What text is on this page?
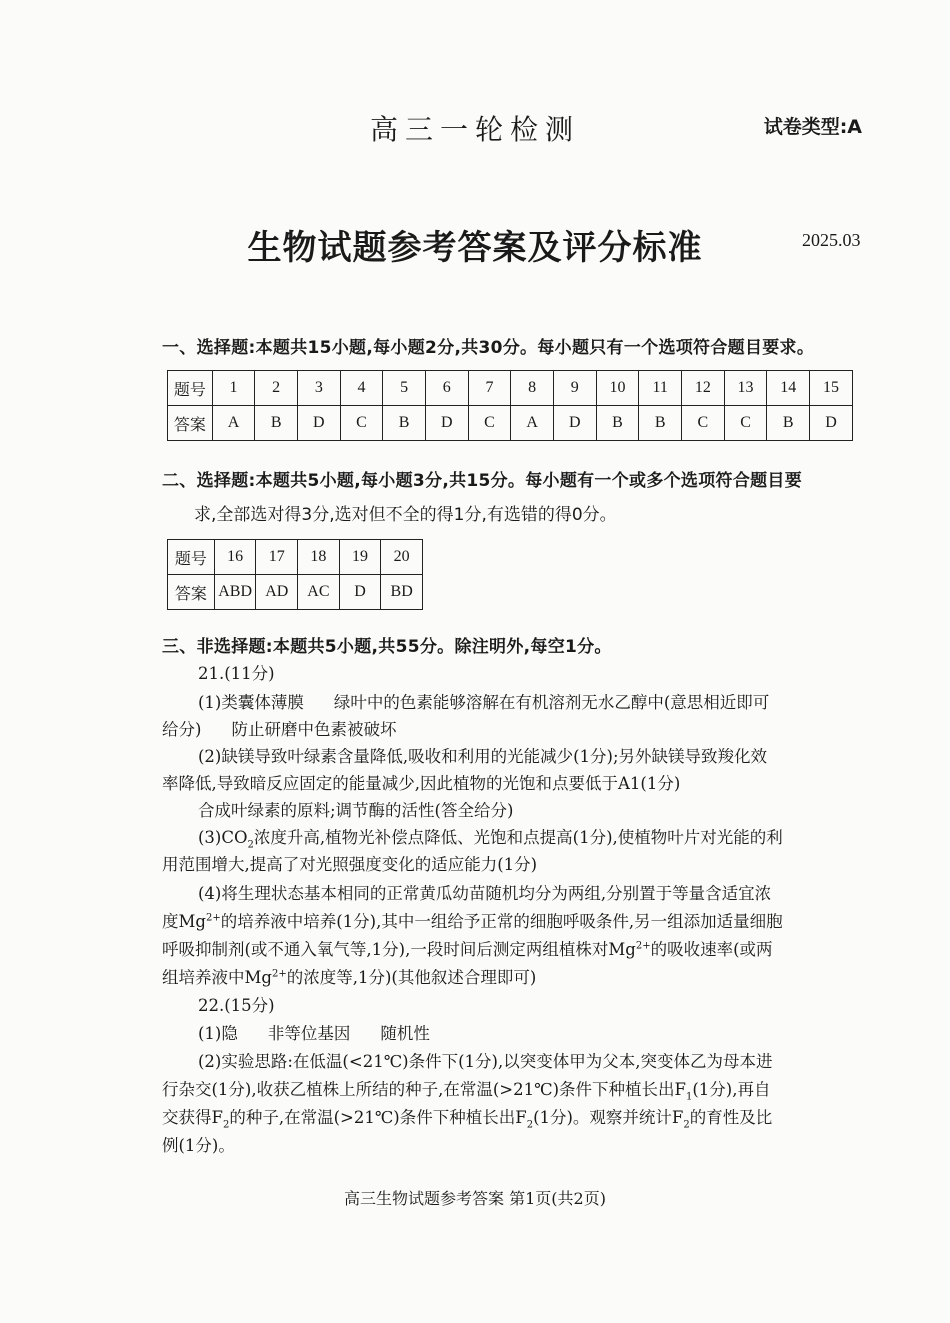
高三一轮检测	试卷类型:A
生物试题参考答案及评分标准	2025.03
一、选择题:本题共15小题,每小题2分,共30分。每小题只有一个选项符合题目要求。
题号	1	2	3	4	5	6	7	8	9	10	11	12	13	14	15
答案	A	B	D	C	B	D	C	A	D	B	B	C	C	B	D
二、选择题:本题共5小题,每小题3分,共15分。每小题有一个或多个选项符合题目要
求,全部选对得3分,选对但不全的得1分,有选错的得0分。
题号	16	17	18	19	20
答案	ABD	AD	AC	D	BD
三、非选择题:本题共5小题,共55分。除注明外,每空1分。
21.(11分)
(1)类囊体薄膜 绿叶中的色素能够溶解在有机溶剂无水乙醇中(意思相近即可
给分) 防止研磨中色素被破坏
(2)缺镁导致叶绿素含量降低,吸收和利用的光能减少(1分);另外缺镁导致羧化效
率降低,导致暗反应固定的能量减少,因此植物的光饱和点要低于A1(1分)
合成叶绿素的原料;调节酶的活性(答全给分)
$(3)CO_2$浓度升高,植物光补偿点降低、光饱和点提高(1分),使植物叶片对光能的利
用范围增大,提高了对光照强度变化的适应能力(1分)
(4)将生理状态基本相同的正常黄瓜幼苗随机均分为两组,分别置于等量含适宜浓
度$Mg^{2+}$的培养液中培养(1分),其中一组给予正常的细胞呼吸条件,另一组添加适量细胞
呼吸抑制剂(或不通入氧气等,1分),一段时间后测定两组植株对$Mg^{2+}$的吸收速率(或两
组培养液中$Mg^{2+}$的浓度等,1分)(其他叙述合理即可)
22.(15分)
(1)隐 非等位基因 随机性
(2)实验思路:在低温(<21℃)条件下(1分),以突变体甲为父本,突变体乙为母本进
行杂交(1分),收获乙植株上所结的种子,在常温(>21℃)条件下种植长出$F_1(1$分),再自
交获得$F_2$的种子,在常温(>21℃)条件下种植长出$F_2(1$分)。观察并统计$F_2$的育性及比
例(1分)。
高三生物试题参考答案 第1页(共2页)
